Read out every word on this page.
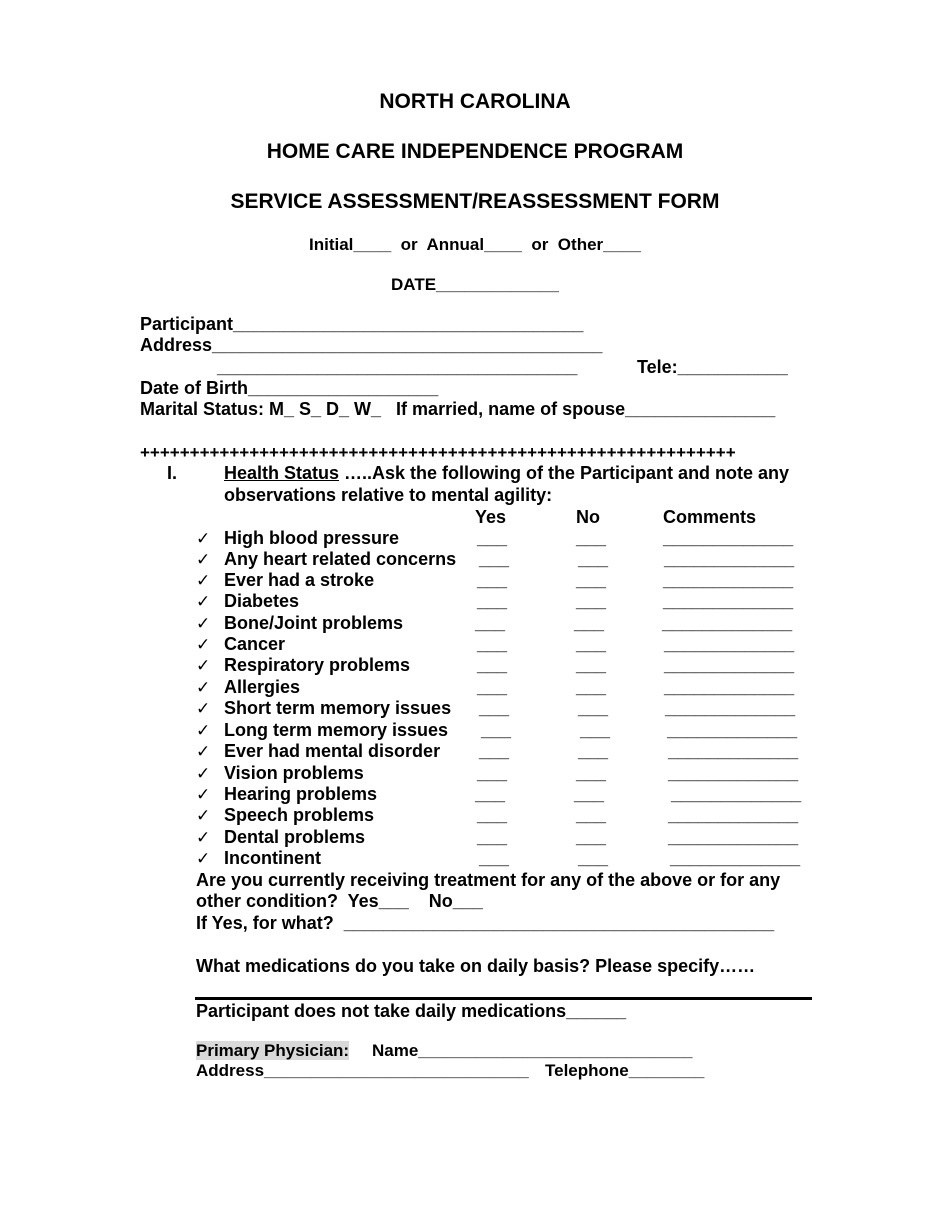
NORTH CAROLINA
HOME CARE INDEPENDENCE PROGRAM
SERVICE ASSESSMENT/REASSESSMENT FORM
Initial____  or  Annual____  or  Other____
DATE_____________
Participant___________________________________
Address_______________________________________
____________________________________	Tele:___________
Date of Birth___________________
Marital Status: M_ S_ D_ W_   If married, name of spouse_______________
++++++++++++++++++++++++++++++++++++++++++++++++++++++++++++
I.	Health Status …..Ask the following of the Participant and note any
observations relative to mental agility:
Yes	No	Comments
✓ High blood pressure	___	___	_____________
✓ Any heart related concerns ___	___	_____________
✓ Ever had a stroke	___	___	_____________
✓ Diabetes	___	___	_____________
✓ Bone/Joint problems	___	___	_____________
✓ Cancer	___	___	_____________
✓ Respiratory problems	___	___	_____________
✓ Allergies	___	___	_____________
✓ Short term memory issues ___	___	_____________
✓ Long term memory issues ___	___	_____________
✓ Ever had mental disorder ___	___	_____________
✓ Vision problems	___	___	_____________
✓ Hearing problems	___	___	_____________
✓ Speech problems	___	___	_____________
✓ Dental problems	___	___	_____________
✓ Incontinent	___	___	_____________
Are you currently receiving treatment for any of the above or for any
other condition?  Yes___    No___
If Yes, for what?  ___________________________________________
What medications do you take on daily basis? Please specify……
Participant does not take daily medications______
Primary Physician: Name_____________________________
Address____________________________ Telephone________
